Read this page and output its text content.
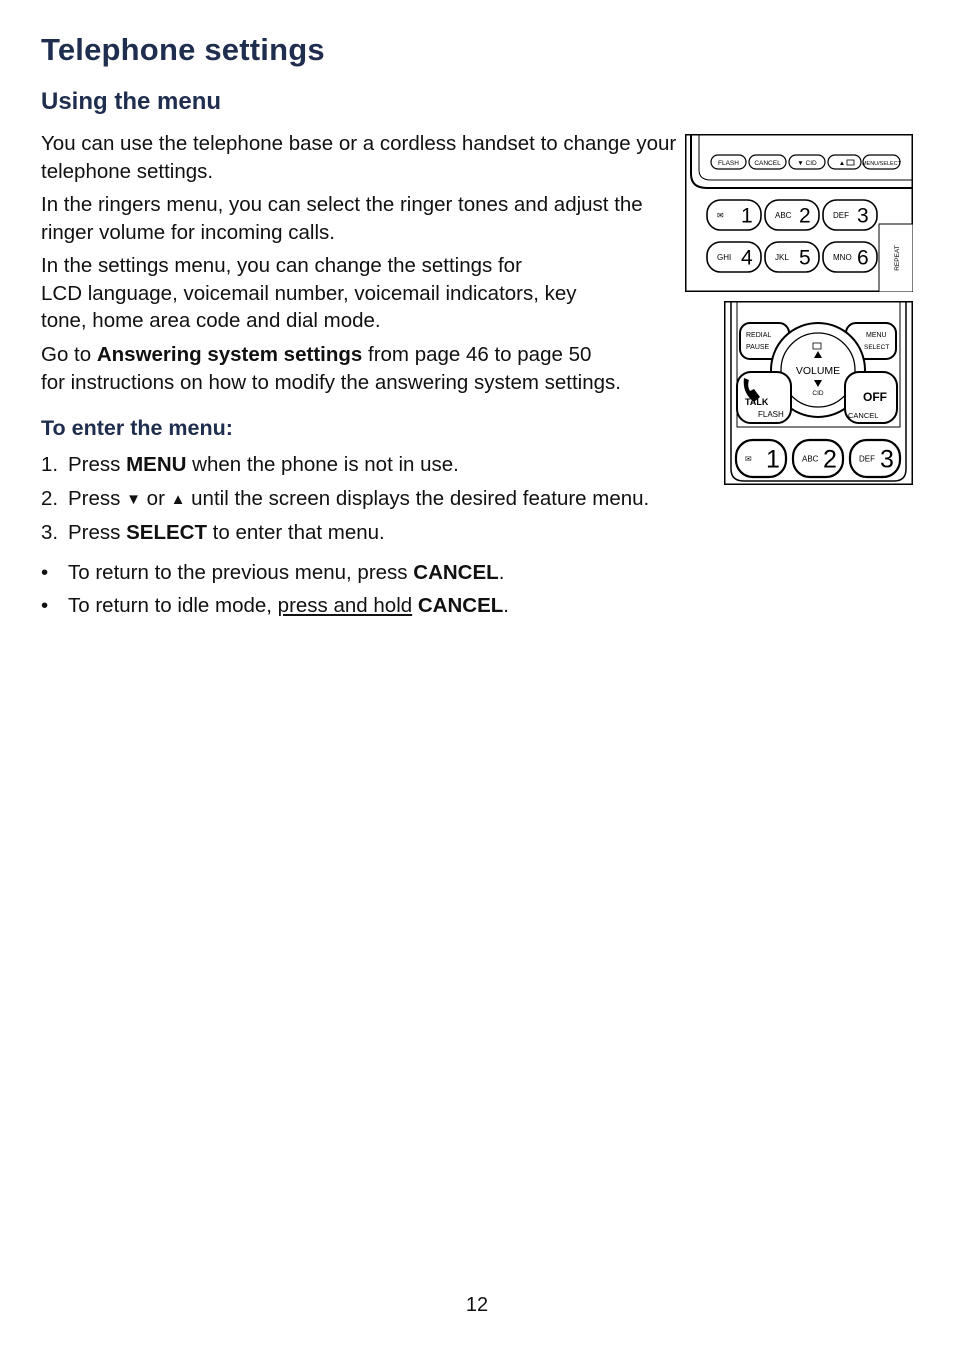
Telephone settings
Using the menu

You can use the telephone base or a cordless handset to change your telephone settings.

In the ringers menu, you can select the ringer tones and adjust the ringer volume for incoming calls.

In the settings menu, you can change the settings for
LCD language, voicemail number, voicemail indicators, key
tone, home area code and dial mode.

Go to Answering system settings from page 46 to page 50
for instructions on how to modify the answering system settings.

To enter the menu:
1. Press MENU when the phone is not in use.
2. Press ▼ or ▲ until the screen displays the desired feature menu.
3. Press SELECT to enter that menu.
• To return to the previous menu, press CANCEL.
• To return to idle mode, press and hold CANCEL.
FLASH CANCEL	▼ CID	▲	MENU/SELECT
REPEAT
✉ 1	ABC 2	DEF 3
GHI 4	JKL 5	MNO 6
REDIAL
PAUSE
MENU
SELECT
VOLUME
CID
TALK
FLASH
OFF
CANCEL
✉ 1	ABC 2	DEF 3
12
